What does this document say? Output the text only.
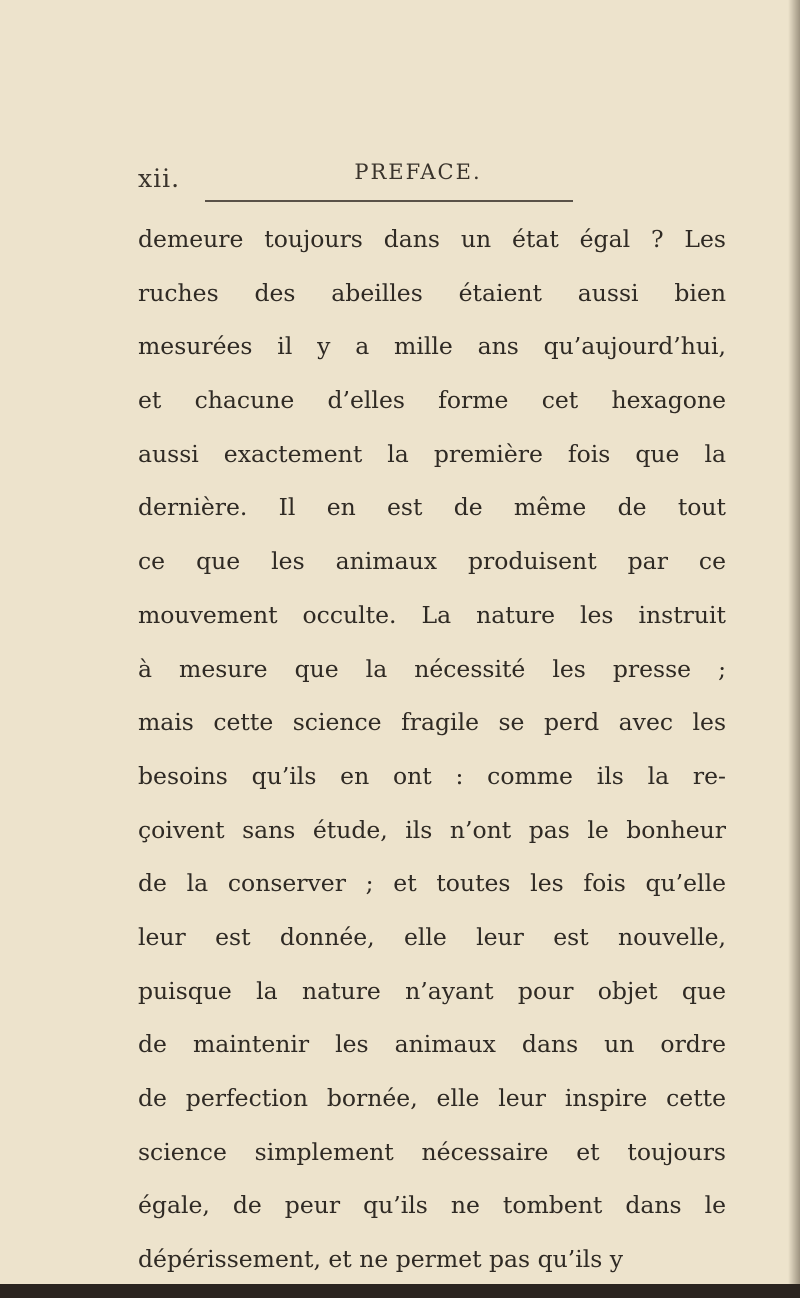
xii.	PREFACE.
demeure toujours dans un état égal ? Les
ruches des abeilles étaient aussi bien
mesurées il y a mille ans qu’aujourd’hui,
et chacune d’elles forme cet hexagone
aussi exactement la première fois que la
dernière. Il en est de même de tout
ce que les animaux produisent par ce
mouvement occulte. La nature les instruit
à mesure que la nécessité les presse ;
mais cette science fragile se perd avec les
besoins qu’ils en ont : comme ils la re-
çoivent sans étude, ils n’ont pas le bonheur
de la conserver ; et toutes les fois qu’elle
leur est donnée, elle leur est nouvelle,
puisque la nature n’ayant pour objet que
de maintenir les animaux dans un ordre
de perfection bornée, elle leur inspire cette
science simplement nécessaire et toujours
égale, de peur qu’ils ne tombent dans le
dépérissement, et ne permet pas qu’ils y
